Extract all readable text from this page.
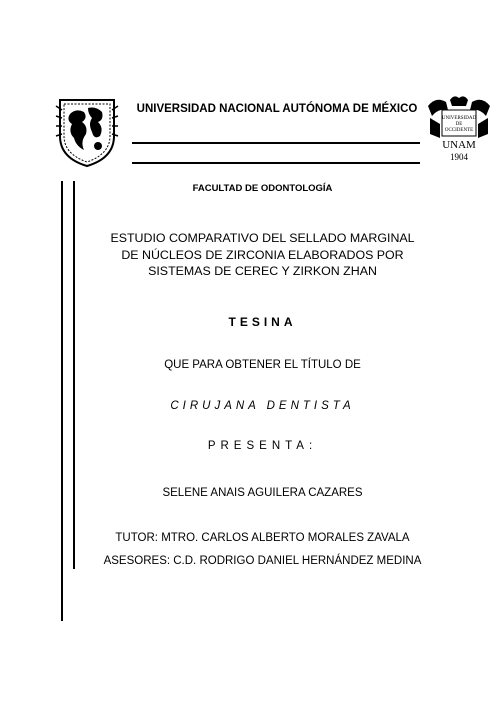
UNIVERSIDAD NACIONAL AUTÓNOMA DE MÉXICO
UNIVERSIDAD
DE
OCCIDENTE
UNAM
1904
FACULTAD DE ODONTOLOGÍA
ESTUDIO COMPARATIVO DEL SELLADO MARGINAL
DE NÚCLEOS DE ZIRCONIA ELABORADOS POR
SISTEMAS DE CEREC Y ZIRKON ZHAN
TESINA
QUE PARA OBTENER EL TÍTULO DE
CIRUJANA DENTISTA
PRESENTA:
SELENE ANAIS AGUILERA CAZARES
TUTOR: MTRO. CARLOS ALBERTO MORALES ZAVALA
ASESORES: C.D. RODRIGO DANIEL HERNÁNDEZ MEDINA
